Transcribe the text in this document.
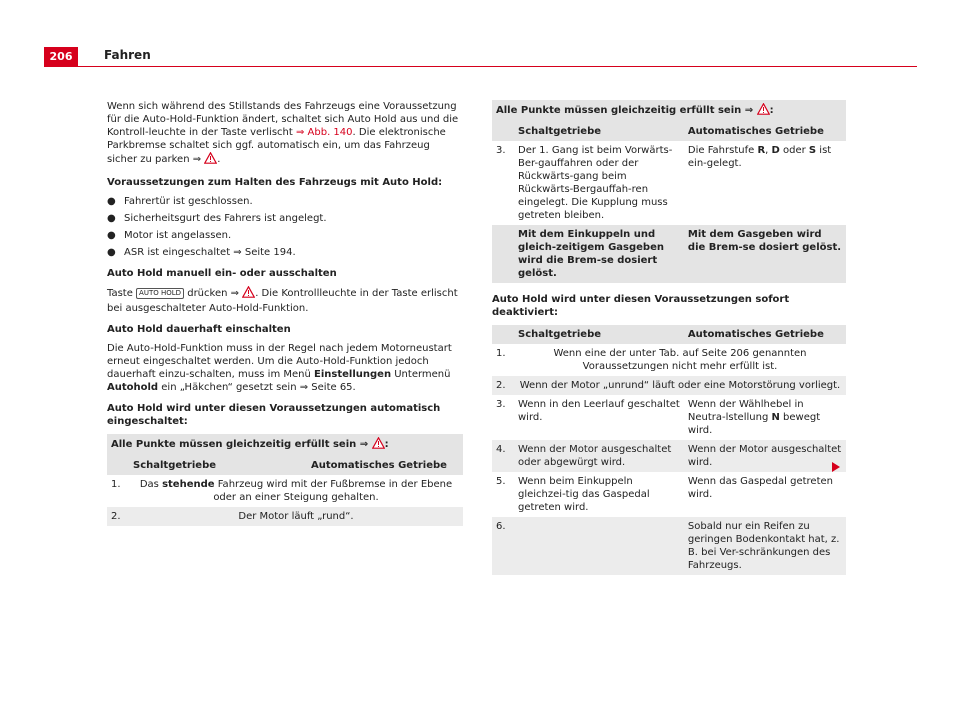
206	Fahren

Wenn sich während des Stillstands des Fahrzeugs eine Voraussetzung für die Auto-Hold-Funktion ändert, schaltet sich Auto Hold aus und die Kontroll-leuchte in der Taste verlischt ⇒ Abb. 140. Die elektronische Parkbremse schaltet sich ggf. automatisch ein, um das Fahrzeug sicher zu parken ⇒ .

Voraussetzungen zum Halten des Fahrzeugs mit Auto Hold:

● Fahrertür ist geschlossen.
● Sicherheitsgurt des Fahrers ist angelegt.
● Motor ist angelassen.
● ASR ist eingeschaltet ⇒ Seite 194.

Auto Hold manuell ein- oder ausschalten

Taste AUTO HOLD drücken ⇒ . Die Kontrollleuchte in der Taste erlischt bei ausgeschalteter Auto-Hold-Funktion.

Auto Hold dauerhaft einschalten

Die Auto-Hold-Funktion muss in der Regel nach jedem Motorneustart erneut eingeschaltet werden. Um die Auto-Hold-Funktion jedoch dauerhaft einzu-schalten, muss im Menü Einstellungen Untermenü Autohold ein „Häkchen“ gesetzt sein ⇒ Seite 65.

Auto Hold wird unter diesen Voraussetzungen automatisch eingeschaltet:

Alle Punkte müssen gleichzeitig erfüllt sein ⇒ :
	Schaltgetriebe	Automatisches Getriebe
1.	Das stehende Fahrzeug wird mit der Fußbremse in der Ebene oder an einer Steigung gehalten.	
2.	Der Motor läuft „rund“.	
Alle Punkte müssen gleichzeitig erfüllt sein ⇒ :
	Schaltgetriebe	Automatisches Getriebe
3.	Der 1. Gang ist beim Vorwärts-Ber-gauffahren oder der Rückwärts-gang beim Rückwärts-Bergauffah-ren eingelegt. Die Kupplung muss getreten bleiben.	Die Fahrstufe R, D oder S ist ein-gelegt.
	Mit dem Einkuppeln und gleich-zeitigem Gasgeben wird die Brem-se dosiert gelöst.	Mit dem Gasgeben wird die Brem-se dosiert gelöst.

Auto Hold wird unter diesen Voraussetzungen sofort deaktiviert:

	Schaltgetriebe	Automatisches Getriebe
1.	Wenn eine der unter Tab. auf Seite 206 genannten Voraussetzungen nicht mehr erfüllt ist.	
2.	Wenn der Motor „unrund“ läuft oder eine Motorstörung vorliegt.	
3.	Wenn in den Leerlauf geschaltet wird.	Wenn der Wählhebel in Neutra-lstellung N bewegt wird.
4.	Wenn der Motor ausgeschaltet oder abgewürgt wird.	Wenn der Motor ausgeschaltet wird.
5.	Wenn beim Einkuppeln gleichzei-tig das Gaspedal getreten wird.	Wenn das Gaspedal getreten wird.
6.		Sobald nur ein Reifen zu geringen Bodenkontakt hat, z. B. bei Ver-schränkungen des Fahrzeugs.
